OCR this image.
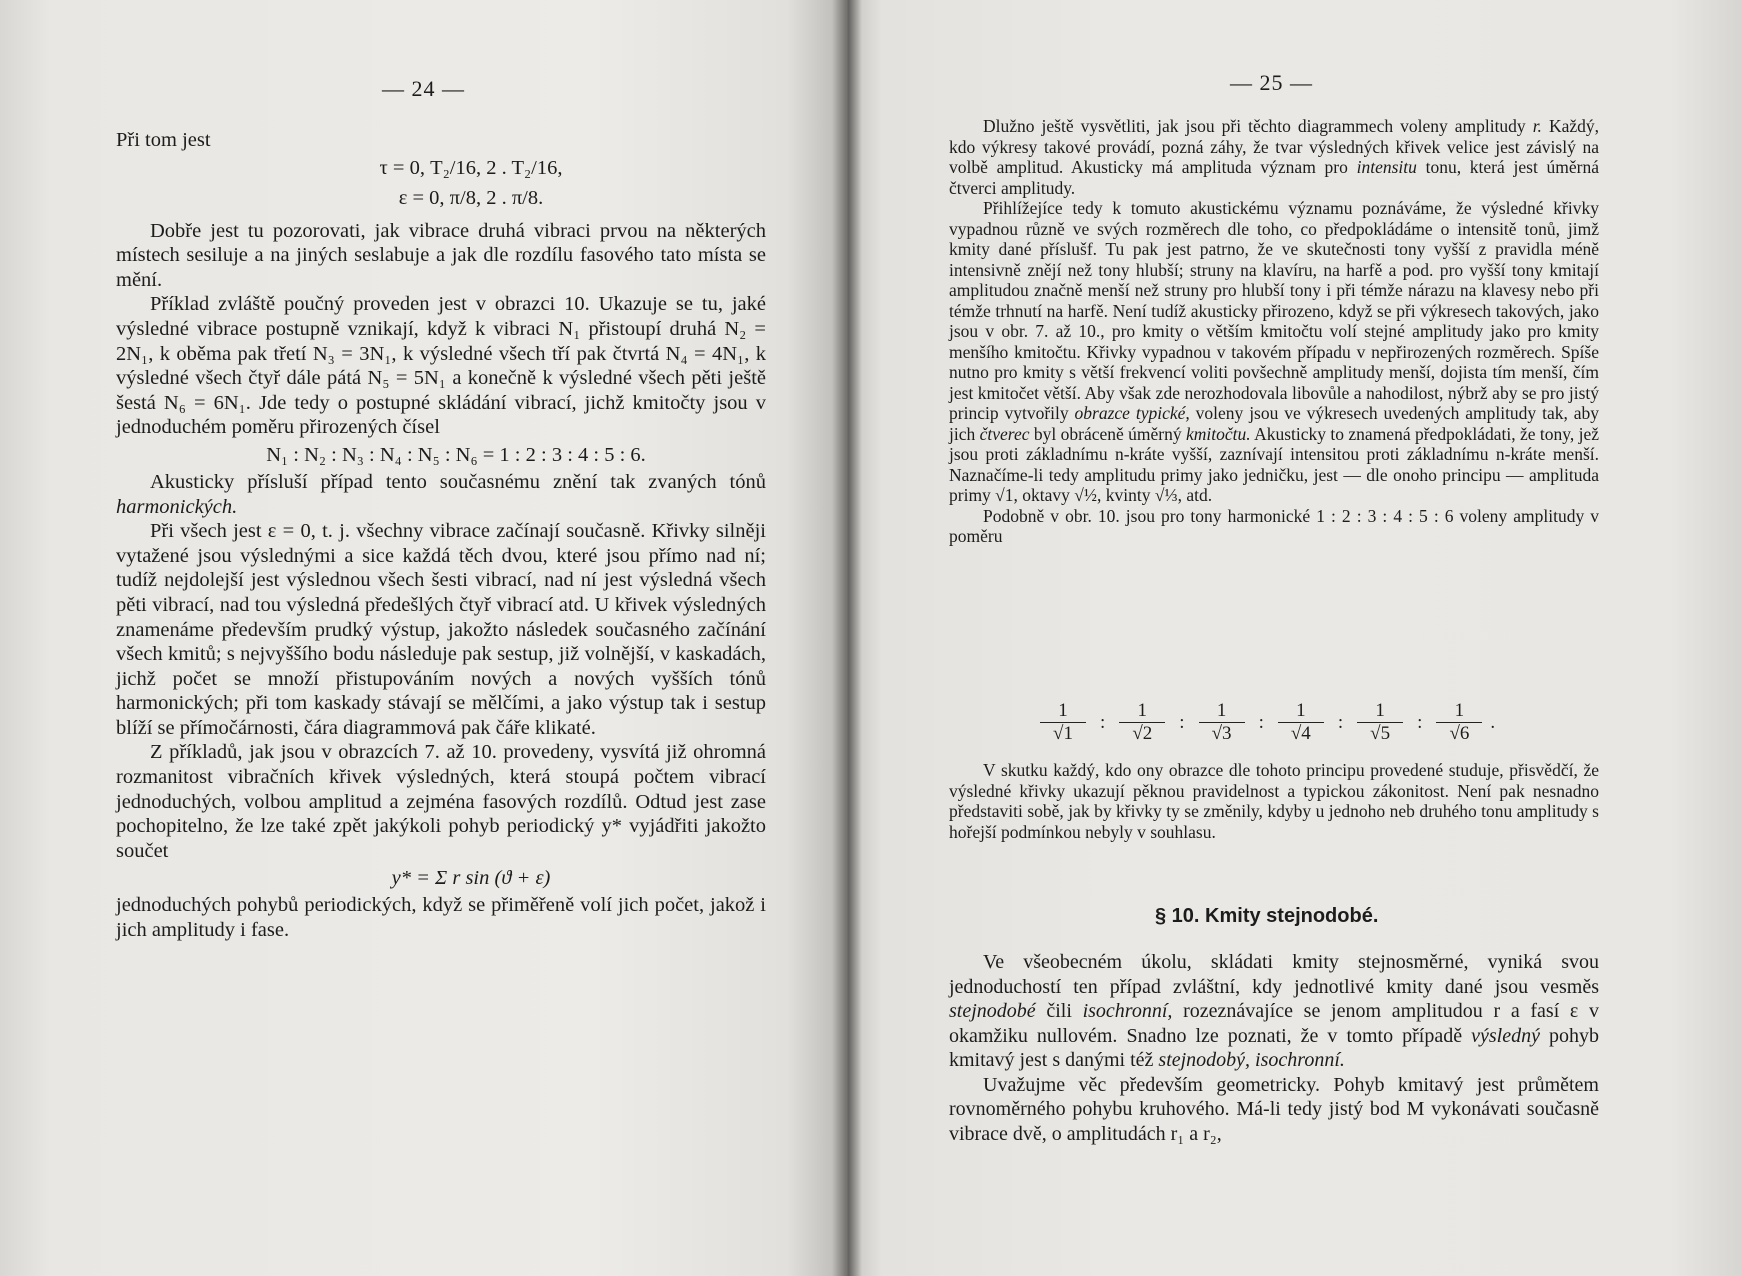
— 24 —

Při tom jest

τ = 0, T₂/16, 2 . T₂/16,

ε = 0, π/8, 2 . π/8.

Dobře jest tu pozorovati, jak vibrace druhá vibraci prvou na některých místech sesiluje a na jiných seslabuje a jak dle rozdílu fasového tato místa se mění.

Příklad zvláště poučný proveden jest v obrazci 10. Ukazuje se tu, jaké výsledné vibrace postupně vznikají, když k vibraci N₁ přistoupí druhá N₂ = 2N₁, k oběma pak třetí N₃ = 3N₁, k výsledné všech tří pak čtvrtá N₄ = 4N₁, k výsledné všech čtyř dále pátá N₅ = 5N₁ a konečně k výsledné všech pěti ještě šestá N₆ = 6N₁. Jde tedy o postupné skládání vibrací, jichž kmitočty jsou v jednoduchém poměru přirozených čísel

N₁ : N₂ : N₃ : N₄ : N₅ : N₆ = 1 : 2 : 3 : 4 : 5 : 6.

Akusticky přísluší případ tento současnému znění tak zvaných tónů harmonických.

Při všech jest ε = 0, t. j. všechny vibrace začínají současně. Křivky silněji vytažené jsou výslednými a sice každá těch dvou, které jsou přímo nad ní; tudíž nejdolejší jest výslednou všech šesti vibrací, nad ní jest výsledná všech pěti vibrací, nad tou výsledná předešlých čtyř vibrací atd. U křivek výsledných znamenáme především prudký výstup, jakožto následek současného začínání všech kmitů; s nejvyššího bodu následuje pak sestup, již volnější, v kaskadách, jichž počet se množí přistupováním nových a nových vyšších tónů harmonických; při tom kaskady stávají se mělčími, a jako výstup tak i sestup blíží se přímočárnosti, čára diagrammová pak čáře klikaté.

Z příkladů, jak jsou v obrazcích 7. až 10. provedeny, vysvítá již ohromná rozmanitost vibračních křivek výsledných, která stoupá počtem vibrací jednoduchých, volbou amplitud a zejména fasových rozdílů. Odtud jest zase pochopitelno, že lze také zpět jakýkoli pohyb periodický y* vyjádřiti jakožto součet

y* = Σ r sin (ϑ + ε)

jednoduchých pohybů periodických, když se přiměřeně volí jich počet, jakož i jich amplitudy i fase.

— 25 —

Dlužno ještě vysvětliti, jak jsou při těchto diagrammech voleny amplitudy r. Každý, kdo výkresy takové provádí, pozná záhy, že tvar výsledných křivek velice jest závislý na volbě amplitud. Akusticky má amplituda význam pro intensitu tonu, která jest úměrná čtverci amplitudy.

Přihlížejíce tedy k tomuto akustickému významu poznáváme, že výsledné křivky vypadnou různě ve svých rozměrech dle toho, co předpokládáme o intensitě tonů, jimž kmity dané příslušf. Tu pak jest patrno, že ve skutečnosti tony vyšší z pravidla méně intensivně znějí než tony hlubší; struny na klavíru, na harfě a pod. pro vyšší tony kmitají amplitudou značně menší než struny pro hlubší tony i při témže nárazu na klavesy nebo při témže trhnutí na harfě. Není tudíž akusticky přirozeno, když se při výkresech takových, jako jsou v obr. 7. až 10., pro kmity o větším kmitočtu volí stejné amplitudy jako pro kmity menšího kmitočtu. Křivky vypadnou v takovém případu v nepřirozených rozměrech. Spíše nutno pro kmity s větší frekvencí voliti povšechně amplitudy menší, dojista tím menší, čím jest kmitočet větší. Aby však zde nerozhodovala libovůle a nahodilost, nýbrž aby se pro jistý princip vytvořily obrazce typické, voleny jsou ve výkresech uvedených amplitudy tak, aby jich čtverec byl obráceně úměrný kmitočtu. Akusticky to znamená předpokládati, že tony, jež jsou proti základnímu n-kráte vyšší, zaznívají intensitou proti základnímu n-kráte menší. Naznačíme-li tedy amplitudu primy jako jedničku, jest — dle onoho principu — amplituda primy √1, oktavy √½, kvinty √⅓, atd.

Podobně v obr. 10. jsou pro tony harmonické 1 : 2 : 3 : 4 : 5 : 6 voleny amplitudy v poměru

$\frac{1}{√1}$ : $\frac{1}{√2}$ : $\frac{1}{√3}$ : $\frac{1}{√4}$ : $\frac{1}{√5}$ : $\frac{1}{√6}$ .

V skutku každý, kdo ony obrazce dle tohoto principu provedené studuje, přisvědčí, že výsledné křivky ukazují pěknou pravidelnost a typickou zákonitost. Není pak nesnadno představiti sobě, jak by křivky ty se změnily, kdyby u jednoho neb druhého tonu amplitudy s hořejší podmínkou nebyly v souhlasu.

§ 10. Kmity stejnodobé.

Ve všeobecném úkolu, skládati kmity stejnosměrné, vyniká svou jednoduchostí ten případ zvláštní, kdy jednotlivé kmity dané jsou vesměs stejnodobé čili isochronní, rozeznávajíce se jenom amplitudou r a fasí ε v okamžiku nullovém. Snadno lze poznati, že v tomto případě výsledný pohyb kmitavý jest s danými též stejnodobý, isochronní.

Uvažujme věc především geometricky. Pohyb kmitavý jest průmětem rovnoměrného pohybu kruhového. Má-li tedy jistý bod M vykonávati současně vibrace dvě, o amplitudách r₁ a r₂,
